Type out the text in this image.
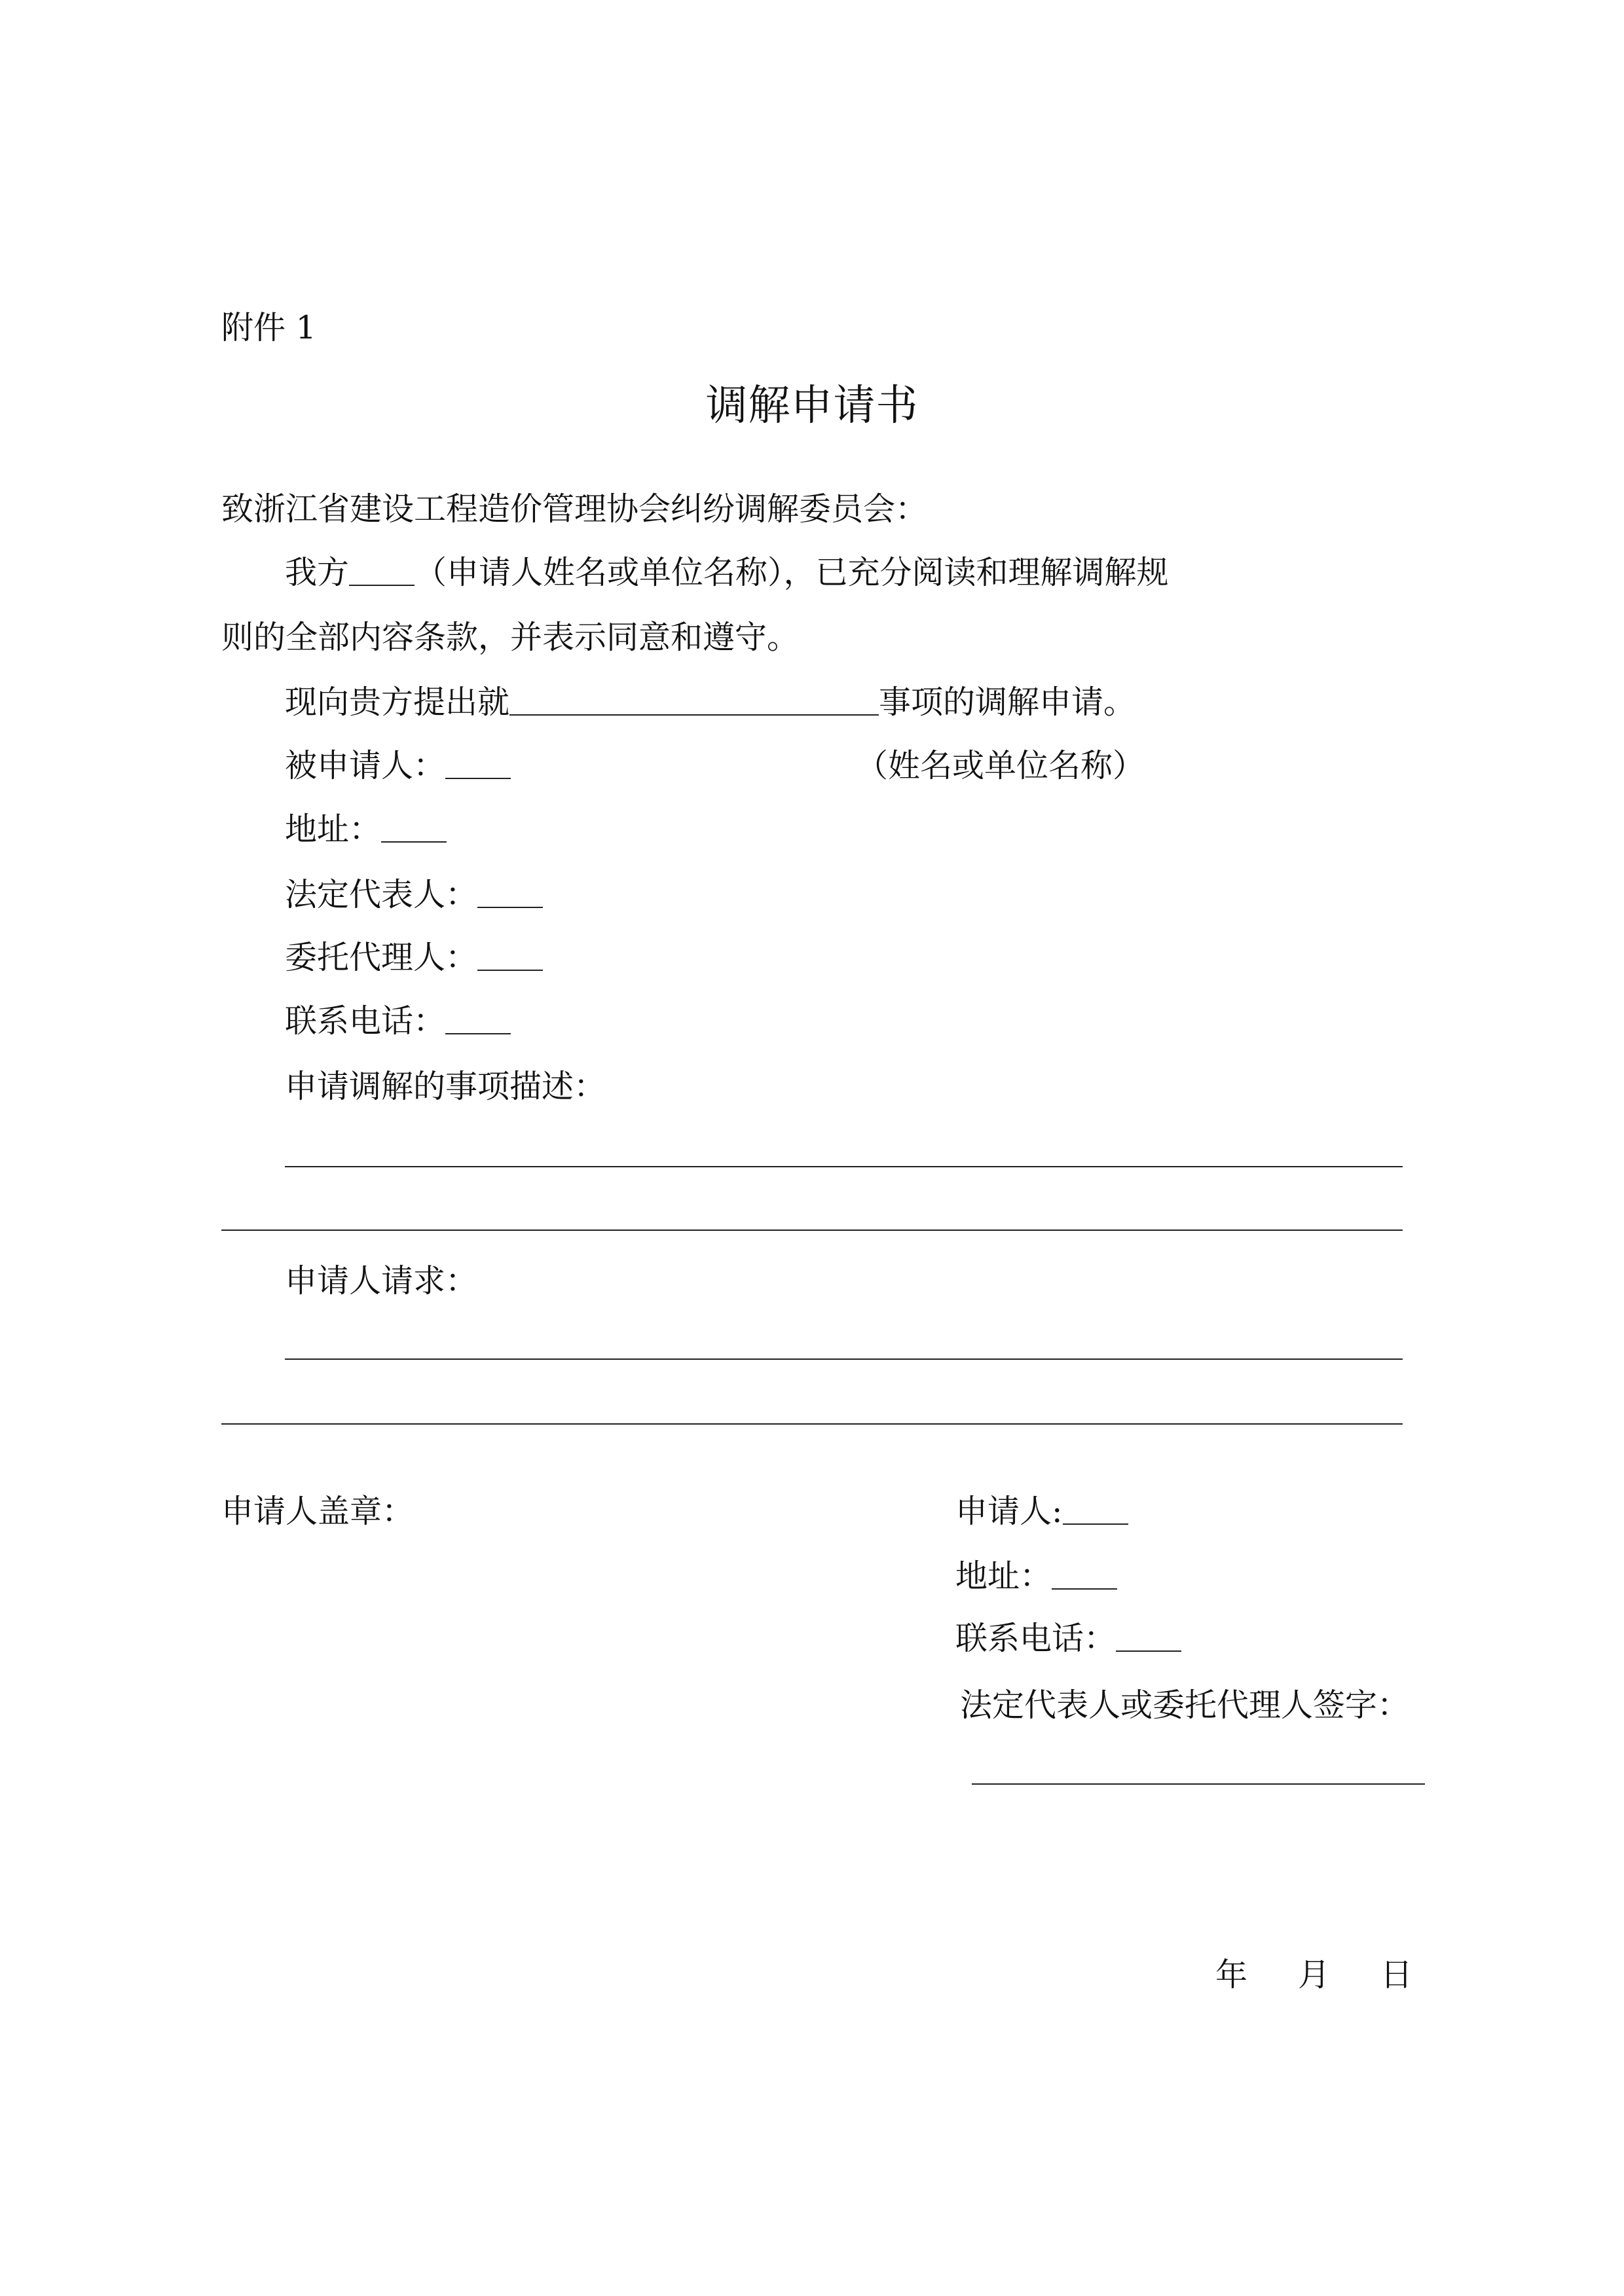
附件 1
调解申请书
致浙江省建设工程造价管理协会纠纷调解委员会：
我方 （申请人姓名或单位名称），已充分阅读和理解调解规
则的全部内容条款，并表示同意和遵守。
现向贵方提出就	事项的调解申请。
被申请人：	（姓名或单位名称）
地址：
法定代表人：
委托代理人：
联系电话：
申请调解的事项描述：
申请人请求：
申请人盖章：	申请人:
地址：
联系电话：
法定代表人或委托代理人签字：
年 月 日
